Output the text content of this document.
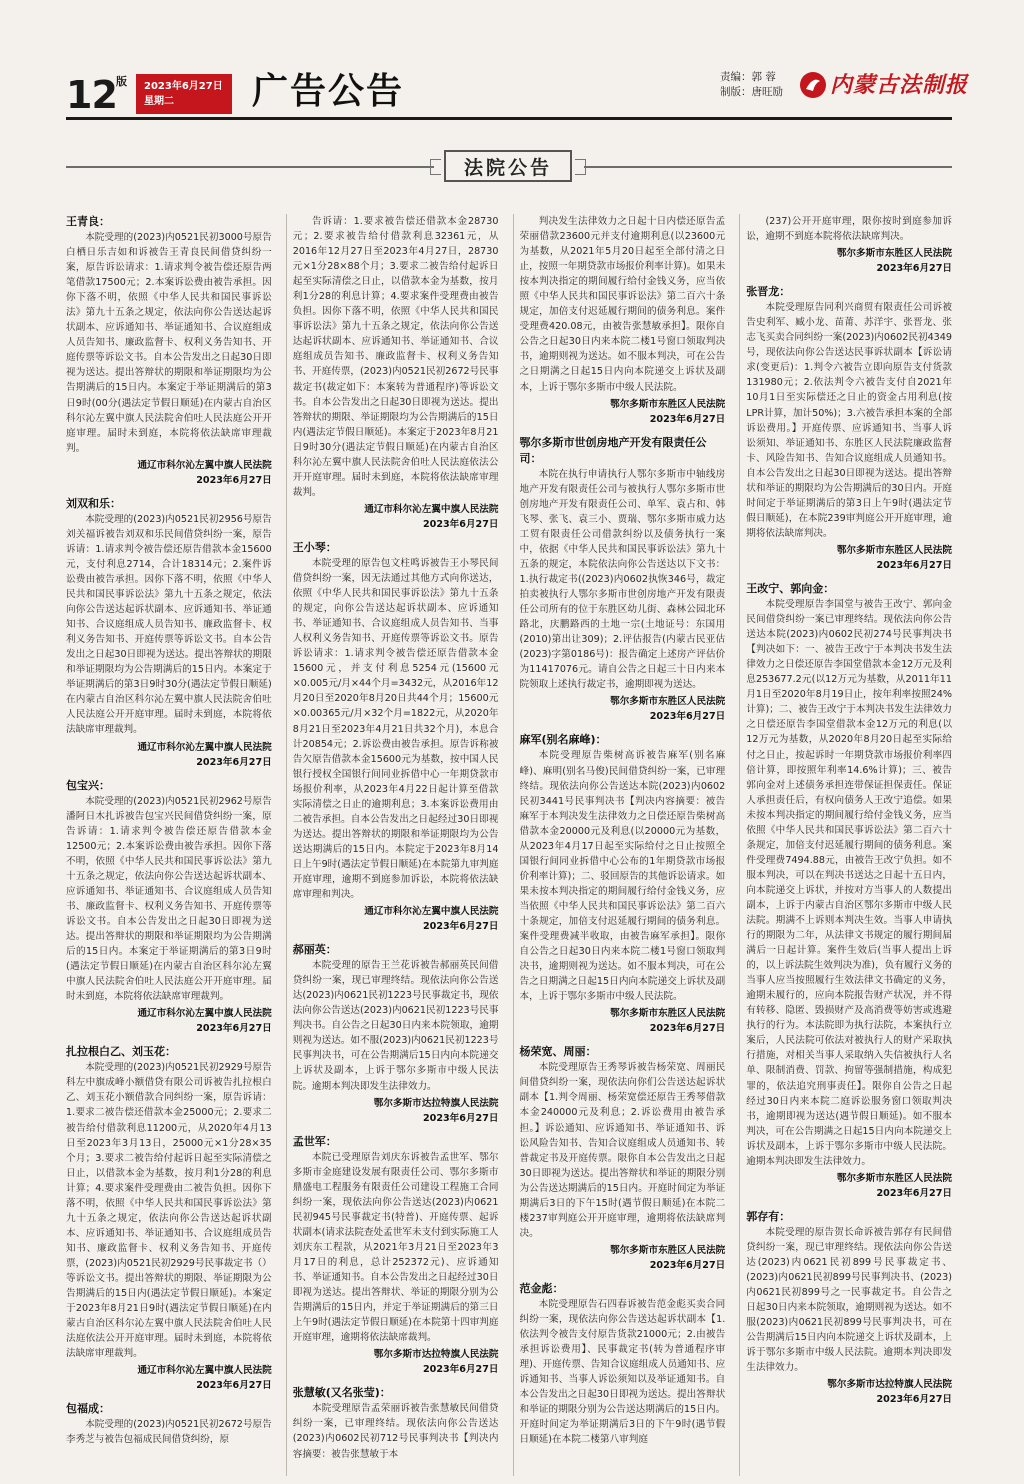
12 版	2023年6月27日
星期二	广告公告	责编：郭 蓉
制版：唐旺励 内蒙古法制报
法院公告

王青良：

本院受理的(2023)内0521民初3000号原告白栖日乐吉如和诉被告王青良民间借贷纠纷一案，原告诉讼请求：1.请求判令被告偿还原告两笔借款17500元；2.本案诉讼费由被告承担。因你下落不明，依照《中华人民共和国民事诉讼法》第九十五条之规定，依法向你公告送达起诉状副本、应诉通知书、举证通知书、合议庭组成人员告知书、廉政监督卡、权利义务告知书、开庭传票等诉讼文书。自本公告发出之日起30日即视为送达。提出答辩状的期限和举证期限均为公告期满后的15日内。本案定于举证期满后的第3日9时(00分(遇法定节假日顺延)在内蒙古自治区科尔沁左翼中旗人民法院舍伯吐人民法庭公开开庭审理。届时未到庭，本院将依法缺席审理裁判。

通辽市科尔沁左翼中旗人民法院

2023年6月27日

刘双和乐：

本院受理的(2023)内0521民初2956号原告刘关福诉被告刘双和乐民间借贷纠纷一案，原告诉请：1.请求判令被告偿还原告借款本金15600元，支付利息2714，合计18314元；2.案件诉讼费由被告承担。因你下落不明，依照《中华人民共和国民事诉讼法》第九十五条之规定，依法向你公告送达起诉状副本、应诉通知书、举证通知书、合议庭组成人员告知书、廉政监督卡、权利义务告知书、开庭传票等诉讼文书。自本公告发出之日起30日即视为送达。提出答辩状的期限和举证期限均为公告期满后的15日内。本案定于举证期满后的第3日9时30分(遇法定节假日顺延)在内蒙古自治区科尔沁左翼中旗人民法院舍伯吐人民法庭公开开庭审理。届时未到庭，本院将依法缺席审理裁判。

通辽市科尔沁左翼中旗人民法院

2023年6月27日

包宝兴：

本院受理的(2023)内0521民初2962号原告潘阿日木扎诉被告包宝兴民间借贷纠纷一案，原告诉请：1.请求判令被告偿还原告借款本金12500元；2.本案诉讼费由被告承担。因你下落不明，依照《中华人民共和国民事诉讼法》第九十五条之规定，依法向你公告送达起诉状副本、应诉通知书、举证通知书、合议庭组成人员告知书、廉政监督卡、权利义务告知书、开庭传票等诉讼文书。自本公告发出之日起30日即视为送达。提出答辩状的期限和举证期限均为公告期满后的15日内。本案定于举证期满后的第3日9时(遇法定节假日顺延)在内蒙古自治区科尔沁左翼中旗人民法院舍伯吐人民法庭公开开庭审理。届时未到庭，本院将依法缺席审理裁判。

通辽市科尔沁左翼中旗人民法院

2023年6月27日

扎拉根白乙、刘玉花：

本院受理的(2023)内0521民初2929号原告科左中旗成峰小额借贷有限公司诉被告扎拉根白乙、刘玉花小额借款合同纠纷一案，原告诉请：1.要求二被告偿还借款本金25000元；2.要求二被告给付借款利息11200元，从2020年4月13日至2023年3月13日，25000元×1分28×35个月；3.要求二被告给付起诉日起至实际清偿之日止，以借款本金为基数，按月利1分28的利息计算；4.要求案件受理费由二被告负担。因你下落不明，依照《中华人民共和国民事诉讼法》第九十五条之规定，依法向你公告送达起诉状副本、应诉通知书、举证通知书、合议庭组成员告知书、廉政监督卡、权利义务告知书、开庭传票，(2023)内0521民初2929号民事裁定书（）等诉讼文书。提出答辩状的期限、举证期限为公告期满后的15日内(遇法定节假日顺延)。本案定于2023年8月21日9时(遇法定节假日顺延)在内蒙古自治区科尔沁左翼中旗人民法院舍伯吐人民法庭依法公开开庭审理。届时未到庭，本院将依法缺席审理裁判。

通辽市科尔沁左翼中旗人民法院

2023年6月27日

包福成：

本院受理的(2023)内0521民初2672号原告李秀芝与被告包福成民间借贷纠纷，原

告诉请：1.要求被告偿还借款本金28730元；2.要求被告给付借款利息32361元，从2016年12月27日至2023年4月27日，28730元×1分28×88个月；3.要求二被告给付起诉日起至实际清偿之日止，以借款本金为基数，按月利1分28的利息计算；4.要求案件受理费由被告负担。因你下落不明，依照《中华人民共和国民事诉讼法》第九十五条之规定，依法向你公告送达起诉状副本、应诉通知书、举证通知书、合议庭组成员告知书、廉政监督卡、权利义务告知书、开庭传票，(2023)内0521民初2672号民事裁定书(裁定如下：本案转为普通程序)等诉讼文书。自本公告发出之日起30日即视为送达。提出答辩状的期限、举证期限均为公告期满后的15日内(遇法定节假日顺延)。本案定于2023年8月21日9时30分(遇法定节假日顺延)在内蒙古自治区科尔沁左翼中旗人民法院舍伯吐人民法庭依法公开开庭审理。届时未到庭，本院将依法缺席审理裁判。

通辽市科尔沁左翼中旗人民法院

2023年6月27日

王小琴：

本院受理的原告包文柱鸣诉被告王小琴民间借贷纠纷一案，因无法通过其他方式向你送达，依照《中华人民共和国民事诉讼法》第九十五条的规定，向你公告送达起诉状副本、应诉通知书、举证通知书、合议庭组成人员告知书、当事人权利义务告知书、开庭传票等诉讼文书。原告诉讼请求：1.请求判令被告偿还原告借款本金15600元，并支付利息5254元(15600元×0.005元/月×44个月=3432元，从2016年12月20日至2020年8月20日共44个月；15600元×0.00365元/月×32个月=1822元，从2020年8月21日至2023年4月21日共32个月)，本息合计20854元；2.诉讼费由被告承担。原告诉称被告欠原告借款本金15600元为基数，按中国人民银行授权全国银行间同业拆借中心一年期贷款市场报价利率，从2023年4月22日起计算至借款实际清偿之日止的逾期利息；3.本案诉讼费用由二被告承担。自本公告发出之日起经过30日即视为送达。提出答辩状的期限和举证期限均为公告送达期满后的15日内。本院定于2023年8月14日上午9时(遇法定节假日顺延)在本院第九审判庭开庭审理，逾期不到庭参加诉讼，本院将依法缺席审理和判决。

通辽市科尔沁左翼中旗人民法院

2023年6月27日

郝丽英：

本院受理的原告王兰花诉被告郝丽英民间借贷纠纷一案，现已审理终结。现依法向你公告送达(2023)内0621民初1223号民事裁定书，现依法向你公告送达(2023)内0621民初1223号民事判决书。自公告之日起30日内来本院领取，逾期则视为送达。如不服(2023)内0621民初1223号民事判决书，可在公告期满后15日内向本院递交上诉状及副本，上诉于鄂尔多斯市中级人民法院。逾期本判决即发生法律效力。

鄂尔多斯市达拉特旗人民法院

2023年6月27日

孟世军：

本院已受理原告刘庆东诉被告孟世军、鄂尔多斯市金庭建设发展有限责任公司、鄂尔多斯市鼎盛电工程服务有限责任公司建设工程施工合同纠纷一案，现依法向你公告送达(2023)内0621民初945号民事裁定书(特普)、开庭传票、起诉状副本(请求法院查处孟世军未支付到实际施工人刘庆东工程款，从2021年3月21日至2023年3月17日的利息，总计252372元)、应诉通知书、举证通知书。自本公告发出之日起经过30日即视为送达。提出答辩状、举证的期限分别为公告期满后的15日内，并定于举证期满后的第三日上午9时(遇法定节假日顺延)在本院第十四审判庭开庭审理，逾期将依法缺席裁判。

鄂尔多斯市达拉特旗人民法院

2023年6月27日

张慧敏(又名张莹)：

本院受理原告孟荣丽诉被告张慧敏民间借贷纠纷一案，已审理终结。现依法向你公告送达(2023)内0602民初712号民事判决书【判决内容摘要：被告张慧敏于本

判决发生法律效力之日起十日内偿还原告孟荣丽借款23600元并支付逾期利息(以23600元为基数，从2021年5月20日起至全部付清之日止，按照一年期贷款市场报价利率计算)。如果未按本判决指定的期间履行给付金钱义务，应当依照《中华人民共和国民事诉讼法》第二百六十条规定，加倍支付迟延履行期间的债务利息。案件受理费420.08元，由被告张慧敏承担】。限你自公告之日起30日内来本院二楼1号窗口领取判决书，逾期则视为送达。如不服本判决，可在公告之日期满之日起15日内向本院递交上诉状及副本，上诉于鄂尔多斯市中级人民法院。

鄂尔多斯市东胜区人民法院

2023年6月27日

鄂尔多斯市世创房地产开发有限责任公司：

本院在执行申请执行人鄂尔多斯市中轴线房地产开发有限责任公司与被执行人鄂尔多斯市世创房地产开发有限责任公司、单军、袁占和、韩飞琴、张飞、袁三小、贾瑞、鄂尔多斯市威力达工贸有限责任公司借款纠纷以及债务执行一案中，依据《中华人民共和国民事诉讼法》第九十五条的规定，本院依法向你公告送达以下文书：1.执行裁定书((2023)内0602执恢346号，裁定拍卖被执行人鄂尔多斯市世创房地产开发有限责任公司所有的位于东胜区幼儿街、森林公园北环路北，庆鹏路西的土地一宗(土地证号：东国用(2010)第出让309)；2.评估报告(内蒙古民亚估(2023)字第0186号)：报告确定上述房产评估价为11417076元。请自公告之日起三十日内来本院领取上述执行裁定书，逾期即视为送达。

鄂尔多斯市东胜区人民法院

2023年6月27日

麻军(别名麻峰)：

本院受理原告柴树高诉被告麻军(别名麻峰)、麻明(别名马俊)民间借贷纠纷一案，已审理终结。现依法向你公告送达本院(2023)内0602民初3441号民事判决书【判决内容摘要：被告麻军于本判决发生法律效力之日偿还原告柴树高借款本金20000元及利息(以20000元为基数，从2023年4月17日起至实际给付之日止按照全国银行间同业拆借中心公布的1年期贷款市场报价利率计算)；二、驳回原告的其他诉讼请求。如果未按本判决指定的期间履行给付金钱义务，应当依照《中华人民共和国民事诉讼法》第二百六十条规定，加倍支付迟延履行期间的债务利息。案件受理费减半收取，由被告麻军承担】。限你自公告之日起30日内来本院二楼1号窗口领取判决书，逾期则视为送达。如不服本判决，可在公告之日期满之日起15日内向本院递交上诉状及副本，上诉于鄂尔多斯市中级人民法院。

鄂尔多斯市东胜区人民法院

2023年6月27日

杨荣宽、周丽：

本院受理原告王秀琴诉被告杨荣宽、周丽民间借贷纠纷一案，现依法向你们公告送达起诉状副本【1.判令周丽、杨荣宽偿还原告王秀琴借款本金240000元及利息；2.诉讼费用由被告承担。】诉讼通知、应诉通知书、举证通知书、诉讼风险告知书、告知合议庭组成人员通知书、转普裁定书及开庭传票。限你自本公告发出之日起30日即视为送达。提出答辩状和举证的期限分别为公告送达期满后的15日内。开庭时间定为举证期满后3日的下午15时(遇节假日顺延)在本院二楼237审判庭公开开庭审理，逾期将依法缺席判决。

鄂尔多斯市东胜区人民法院

2023年6月27日

范金彪：

本院受理原告石四春诉被告范金彪买卖合同纠纷一案，现依法向你公告送达起诉状副本【1.依法判令被告支付原告货款21000元；2.由被告承担诉讼费用】、民事裁定书(转为普通程序审理)、开庭传票、告知合议庭组成人员通知书、应诉通知书、当事人诉讼须知以及举证通知书。自本公告发出之日起30日即视为送达。提出答辩状和举证的期限分别为公告送达期满后的15日内。开庭时间定为举证期满后3日的下午9时(遇节假日顺延)在本院二楼第八审判庭

(237)公开开庭审理，限你按时到庭参加诉讼，逾期不到庭本院将依法缺席判决。

鄂尔多斯市东胜区人民法院

2023年6月27日

张晋龙：

本院受理原告同利兴商贸有限责任公司诉被告史利军、臧小龙、苗莆、苏洋宇、张晋龙、张志飞买卖合同纠纷一案(2023)内0602民初4349号，现依法向你公告送达民事诉状副本【诉讼请求(变更后)：1.判令六被告立即向原告支付货款131980元；2.依法判令六被告支付自2021年10月1日至实际偿还之日止的资金占用利息(按LPR计算，加计50%)；3.六被告承担本案的全部诉讼费用。】开庭传票、应诉通知书、当事人诉讼须知、举证通知书、东胜区人民法院廉政监督卡、风险告知书、告知合议庭组成人员通知书。自本公告发出之日起30日即视为送达。提出答辩状和举证的期限均为公告期满后的30日内。开庭时间定于举证期满后的第3日上午9时(遇法定节假日顺延)，在本院239审判庭公开开庭审理，逾期将依法缺席判决。

鄂尔多斯市东胜区人民法院

2023年6月27日

王改宁、郭向金：

本院受理原告李国堂与被告王改宁、郭向金民间借贷纠纷一案已审理终结。现依法向你公告送达本院(2023)内0602民初274号民事判决书【判决如下：一、被告王改宁于本判决书发生法律效力之日偿还原告李国堂借款本金12万元及利息253677.2元(以12万元为基数，从2011年11月1日至2020年8月19日止，按年利率按照24%计算)；二、被告王改宁于本判决书发生法律效力之日偿还原告李国堂借款本金12万元的利息(以12万元为基数，从2020年8月20日起至实际给付之日止，按起诉时一年期贷款市场报价利率四倍计算，即按照年利率14.6%计算)；三、被告郭向金对上述债务承担连带保证担保责任。保证人承担责任后，有权向债务人王改宁追偿。如果未按本判决指定的期间履行给付金钱义务，应当依照《中华人民共和国民事诉讼法》第二百六十条规定，加倍支付迟延履行期间的债务利息。案件受理费7494.88元，由被告王改宁负担。如不服本判决，可以在判决书送达之日起十五日内，向本院递交上诉状，并按对方当事人的人数提出副本，上诉于内蒙古自治区鄂尔多斯市中级人民法院。期满不上诉则本判决生效。当事人申请执行的期限为二年，从法律文书规定的履行期间届满后一日起计算。案件生效后(当事人提出上诉的，以上诉法院生效判决为准)，负有履行义务的当事人应当按照履行生效法律文书确定的义务，逾期未履行的，应向本院报告财产状况，并不得有转移、隐匿、毁损财产及高消费等妨害或逃避执行的行为。本法院即为执行法院，本案执行立案后，人民法院可依法对被执行人的财产采取执行措施，对相关当事人采取纳入失信被执行人名单、限制消费、罚款、拘留等强制措施，构成犯罪的，依法追究刑事责任】。限你自公告之日起经过30日内来本院二庭诉讼服务窗口领取判决书，逾期即视为送达(遇节假日顺延)。如不服本判决，可在公告期满之日起15日内向本院递交上诉状及副本，上诉于鄂尔多斯市中级人民法院。逾期本判决即发生法律效力。

鄂尔多斯市东胜区人民法院

2023年6月27日

郭存有：

本院受理的原告贺长命诉被告郭存有民间借贷纠纷一案，现已审理终结。现依法向你公告送达(2023)内0621民初899号民事裁定书、(2023)内0621民初899号民事判决书、(2023)内0621民初899号之一民事裁定书。自公告之日起30日内来本院领取，逾期则视为送达。如不服(2023)内0621民初899号民事判决书，可在公告期满后15日内向本院递交上诉状及副本，上诉于鄂尔多斯市中级人民法院。逾期本判决即发生法律效力。

鄂尔多斯市达拉特旗人民法院

2023年6月27日
